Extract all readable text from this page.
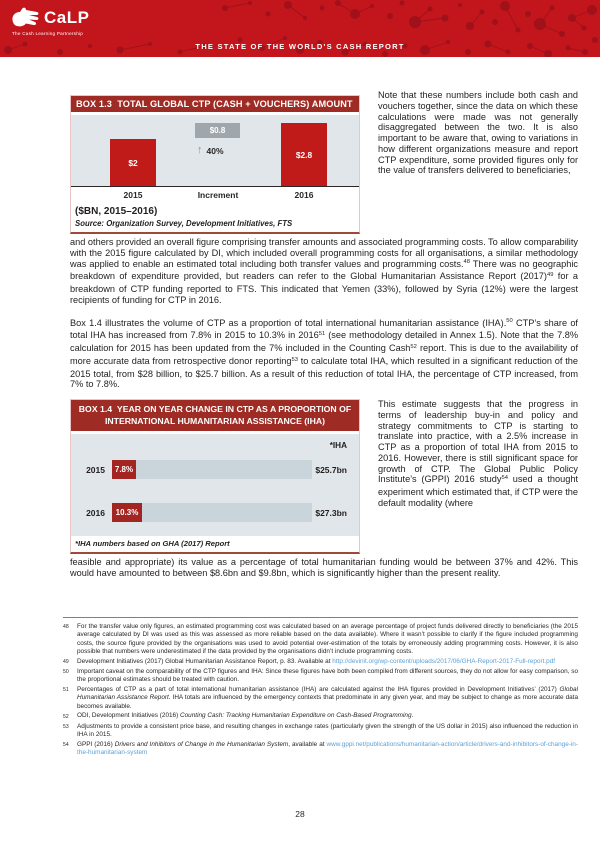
CaLP
The Cash Learning Partnership
THE STATE OF THE WORLD'S CASH REPORT
BOX 1.3  TOTAL GLOBAL CTP (CASH + VOUCHERS) AMOUNT
$2
$0.8
↑ 40%	$2.8
2015	Increment	2016
($BN, 2015–2016)
Source: Organization Survey, Development Initiatives, FTS
Note that these numbers include both cash and vouchers together, since the data on which these calculations were made was not generally disaggregated between the two. It is also important to be aware that, owing to variations in how different organizations measure and report CTP expenditure, some provided figures only for the value of transfers delivered to beneficiaries,

and others provided an overall figure comprising transfer amounts and associated programming costs. To allow comparability with the 2015 figure calculated by DI, which included overall programming costs for all organisations, a similar methodology was applied to enable an estimated total including both transfer values and programming costs.$^{48}$ There was no geographic breakdown of expenditure provided, but readers can refer to the Global Humanitarian Assistance Report $(2017)^{49}$ for a breakdown of CTP funding reported to FTS. This indicated that Yemen (33%), followed by Syria (12%) were the largest recipients of funding for CTP in 2016.

Box 1.4 illustrates the volume of CTP as a proportion of total international humanitarian assistance (IHA).$^{50}$ CTP’s share of total IHA has increased from 7.8% in 2015 to 10.3% in 2016$^{51}$ (see methodology detailed in Annex 1.5). Note that the 7.8% calculation for 2015 has been updated from the 7% included in the Counting Cash$^{52}$ report. This is due to the availability of more accurate data from retrospective donor reporting$^{53}$ to calculate total IHA, which resulted in a significant reduction of the 2015 total, from $28 billion, to $25.7 billion. As a result of this reduction of total IHA, the percentage of CTP increased, from 7% to 7.8%.

BOX 1.4  YEAR ON YEAR CHANGE IN CTP AS A PROPORTION OF
INTERNATIONAL HUMANITARIAN ASSISTANCE (IHA)
*IHA
2015	7.8%	$25.7bn
2016	10.3%	$27.3bn
*IHA numbers based on GHA (2017) Report
This estimate suggests that the progress in terms of leadership buy-in and policy and strategy commitments to CTP is starting to translate into practice, with a 2.5% increase in CTP as a proportion of total IHA from 2015 to 2016. However, there is still significant space for growth of CTP. The Global Public Policy Institute’s (GPPI) 2016 study$^{54}$ used a thought experiment which estimated that, if CTP were the default modality (where

feasible and appropriate) its value as a percentage of total humanitarian funding would be between 37% and 42%. This would have amounted to between $8.6bn and $9.8bn, which is significantly higher than the present reality.

48	For the transfer value only figures, an estimated programming cost was calculated based on an average percentage of project funds delivered directly to beneficiaries (the 2015 average calculated by DI was used as this was assessed as more reliable based on the data available). Where it wasn’t possible to clarify if the figure included programming costs, the source figure provided by the organisations was used to avoid potential over-estimation of the totals by erroneously adding programming costs. However, it is also possible that numbers were underestimated if the data provided by the organisations didn’t include programming costs.
49	Development Initiatives (2017) Global Humanitarian Assistance Report, p. 83. Available at http://devinit.org/wp-content/uploads/2017/06/GHA-Report-2017-Full-report.pdf
50	Important caveat on the comparability of the CTP figures and IHA: Since these figures have both been compiled from different sources, they do not allow for easy comparison, so the proportional estimates should be treated with caution.
51	Percentages of CTP as a part of total international humanitarian assistance (IHA) are calculated against the IHA figures provided in Development Initiatives’ (2017) Global Humanitarian Assistance Report. IHA totals are influenced by the emergency contexts that predominate in any given year, and may be subject to change as more accurate data becomes available.
52	ODI, Development Initiatives (2016) Counting Cash: Tracking Humanitarian Expenditure on Cash-Based Programming.
53	Adjustments to provide a consistent price base, and resulting changes in exchange rates (particularly given the strength of the US dollar in 2015) also influenced the reduction in IHA in 2015.
54	GPPI (2016) Drivers and Inhibitors of Change in the Humanitarian System, available at www.gppi.net/publications/humanitarian-action/article/drivers-and-inhibitors-of-change-in-the-humanitarian-system
28
